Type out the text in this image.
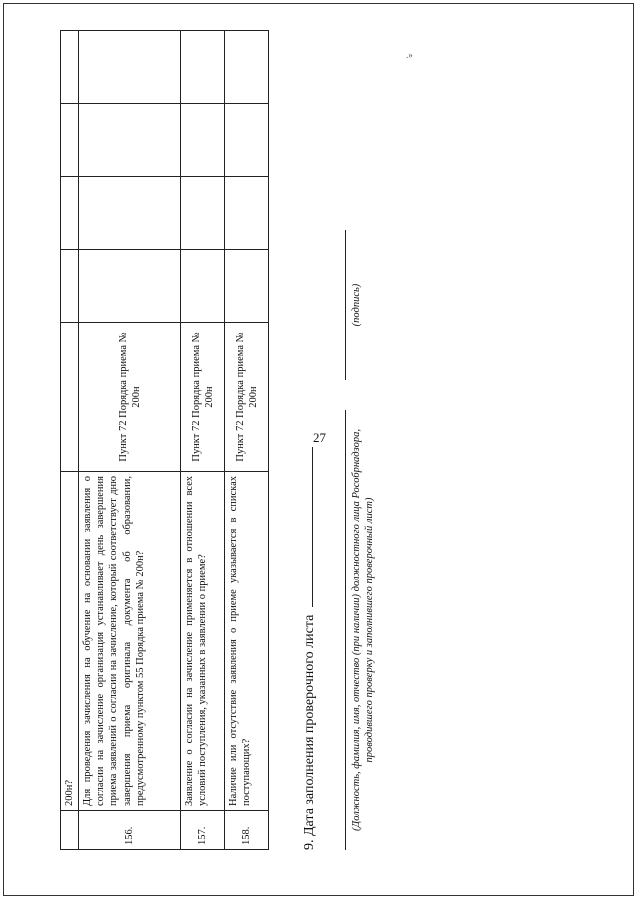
27
.»
	200н?					
156.	Для проведения зачисления на обучение на основании заявления о согласии на зачисление организация устанавливает день завершения приема заявлений о согласии на зачисление, который соответствует дню завершения приема оригинала документа об образовании, предусмотренному пунктом 55 Порядка приема № 200н?	Пункт 72 Порядка приема № 200н				
157.	Заявление о согласии на зачисление применяется в отношении всех условий поступления, указанных в заявлении о приеме?	Пункт 72 Порядка приема № 200н				
158.	Наличие или отсутствие заявления о приеме указывается в списках поступающих?	Пункт 72 Порядка приема № 200н				
9. Дата заполнения проверочного листа	(Должность, фамилия, имя, отчество (при наличии) должностного лица Рособрнадзора, проводившего проверку и заполнившего проверочный лист)
(подпись)
